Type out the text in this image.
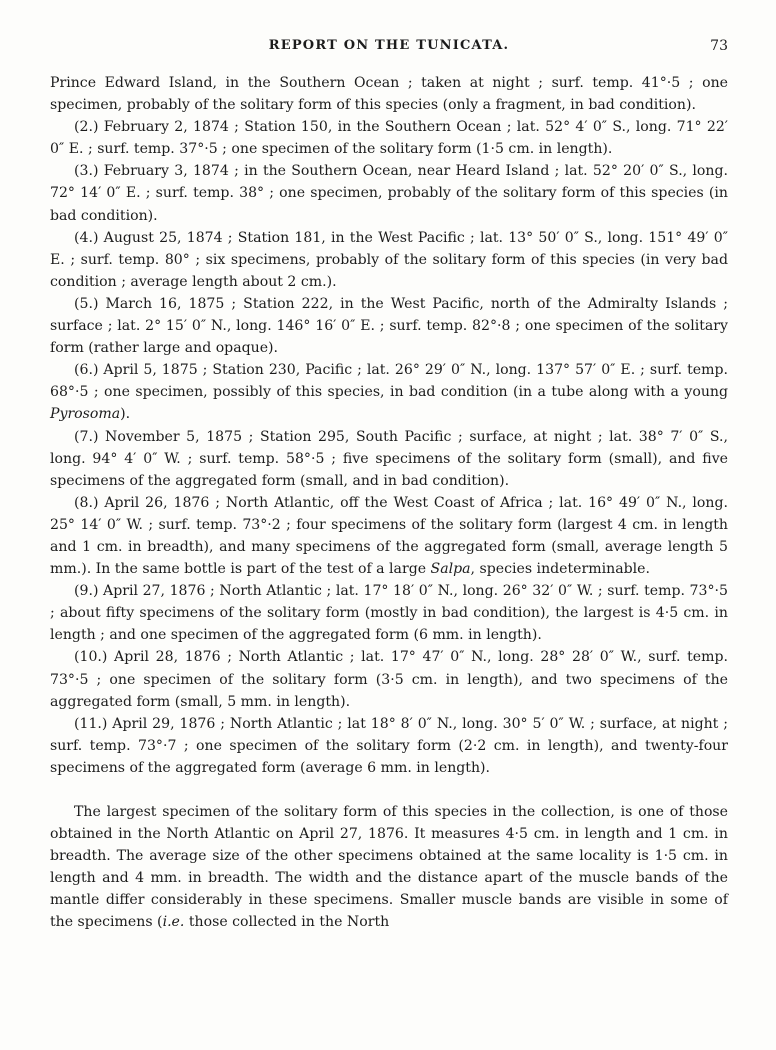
REPORT ON THE TUNICATA.	73

Prince Edward Island, in the Southern Ocean ; taken at night ; surf. temp. 41°·5 ; one specimen, probably of the solitary form of this species (only a fragment, in bad condition).

(2.) February 2, 1874 ; Station 150, in the Southern Ocean ; lat. 52° 4′ 0″ S., long. 71° 22′ 0″ E. ; surf. temp. 37°·5 ; one specimen of the solitary form (1·5 cm. in length).

(3.) February 3, 1874 ; in the Southern Ocean, near Heard Island ; lat. 52° 20′ 0″ S., long. 72° 14′ 0″ E. ; surf. temp. 38° ; one specimen, probably of the solitary form of this species (in bad condition).

(4.) August 25, 1874 ; Station 181, in the West Pacific ; lat. 13° 50′ 0″ S., long. 151° 49′ 0″ E. ; surf. temp. 80° ; six specimens, probably of the solitary form of this species (in very bad condition ; average length about 2 cm.).

(5.) March 16, 1875 ; Station 222, in the West Pacific, north of the Admiralty Islands ; surface ; lat. 2° 15′ 0″ N., long. 146° 16′ 0″ E. ; surf. temp. 82°·8 ; one specimen of the solitary form (rather large and opaque).

(6.) April 5, 1875 ; Station 230, Pacific ; lat. 26° 29′ 0″ N., long. 137° 57′ 0″ E. ; surf. temp. 68°·5 ; one specimen, possibly of this species, in bad condition (in a tube along with a young Pyrosoma).

(7.) November 5, 1875 ; Station 295, South Pacific ; surface, at night ; lat. 38° 7′ 0″ S., long. 94° 4′ 0″ W. ; surf. temp. 58°·5 ; five specimens of the solitary form (small), and five specimens of the aggregated form (small, and in bad condition).

(8.) April 26, 1876 ; North Atlantic, off the West Coast of Africa ; lat. 16° 49′ 0″ N., long. 25° 14′ 0″ W. ; surf. temp. 73°·2 ; four specimens of the solitary form (largest 4 cm. in length and 1 cm. in breadth), and many specimens of the aggregated form (small, average length 5 mm.). In the same bottle is part of the test of a large Salpa, species indeterminable.

(9.) April 27, 1876 ; North Atlantic ; lat. 17° 18′ 0″ N., long. 26° 32′ 0″ W. ; surf. temp. 73°·5 ; about fifty specimens of the solitary form (mostly in bad condition), the largest is 4·5 cm. in length ; and one specimen of the aggregated form (6 mm. in length).

(10.) April 28, 1876 ; North Atlantic ; lat. 17° 47′ 0″ N., long. 28° 28′ 0″ W., surf. temp. 73°·5 ; one specimen of the solitary form (3·5 cm. in length), and two specimens of the aggregated form (small, 5 mm. in length).

(11.) April 29, 1876 ; North Atlantic ; lat 18° 8′ 0″ N., long. 30° 5′ 0″ W. ; surface, at night ; surf. temp. 73°·7 ; one specimen of the solitary form (2·2 cm. in length), and twenty-four specimens of the aggregated form (average 6 mm. in length).

The largest specimen of the solitary form of this species in the collection, is one of those obtained in the North Atlantic on April 27, 1876. It measures 4·5 cm. in length and 1 cm. in breadth. The average size of the other specimens obtained at the same locality is 1·5 cm. in length and 4 mm. in breadth. The width and the distance apart of the muscle bands of the mantle differ considerably in these specimens. Smaller muscle bands are visible in some of the specimens (i.e. those collected in the North
